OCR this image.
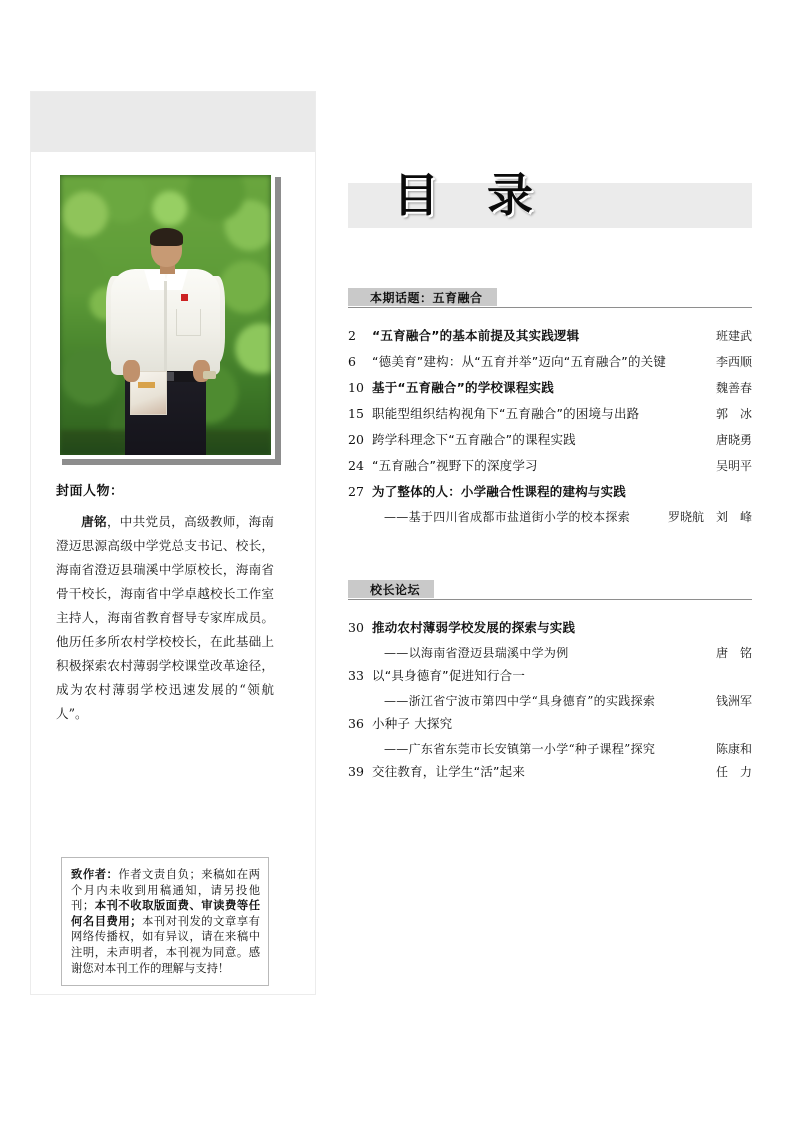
封面人物：
唐铭，中共党员，高级教师，海南澄迈思源高级中学党总支书记、校长，海南省澄迈县瑞溪中学原校长，海南省骨干校长，海南省中学卓越校长工作室主持人，海南省教育督导专家库成员。他历任多所农村学校校长，在此基础上积极探索农村薄弱学校课堂改革途径，成为农村薄弱学校迅速发展的“领航人”。
致作者：作者文责自负；来稿如在两个月内未收到用稿通知，请另投他刊；本刊不收取版面费、审读费等任何名目费用；本刊对刊发的文章享有网络传播权，如有异议，请在来稿中注明，未声明者，本刊视为同意。感谢您对本刊工作的理解与支持！
目 录
本期话题：五育融合
2	“五育融合”的基本前提及其实践逻辑	班建武
6	“德美育”建构：从“五育并举”迈向“五育融合”的关键	李西顺
10 基于“五育融合”的学校课程实践	魏善春
15 职能型组织结构视角下“五育融合”的困境与出路	郭　冰
20 跨学科理念下“五育融合”的课程实践	唐晓勇
24 “五育融合”视野下的深度学习	吴明平
27 为了整体的人：小学融合性课程的建构与实践
——基于四川省成都市盐道街小学的校本探索	罗晓航　刘　峰
校长论坛
30 推动农村薄弱学校发展的探索与实践
——以海南省澄迈县瑞溪中学为例	唐　铭
33 以“具身德育”促进知行合一
——浙江省宁波市第四中学“具身德育”的实践探索	钱洲军
36 小种子 大探究
——广东省东莞市长安镇第一小学“种子课程”探究	陈康和
39 交往教育，让学生“活”起来	任　力
